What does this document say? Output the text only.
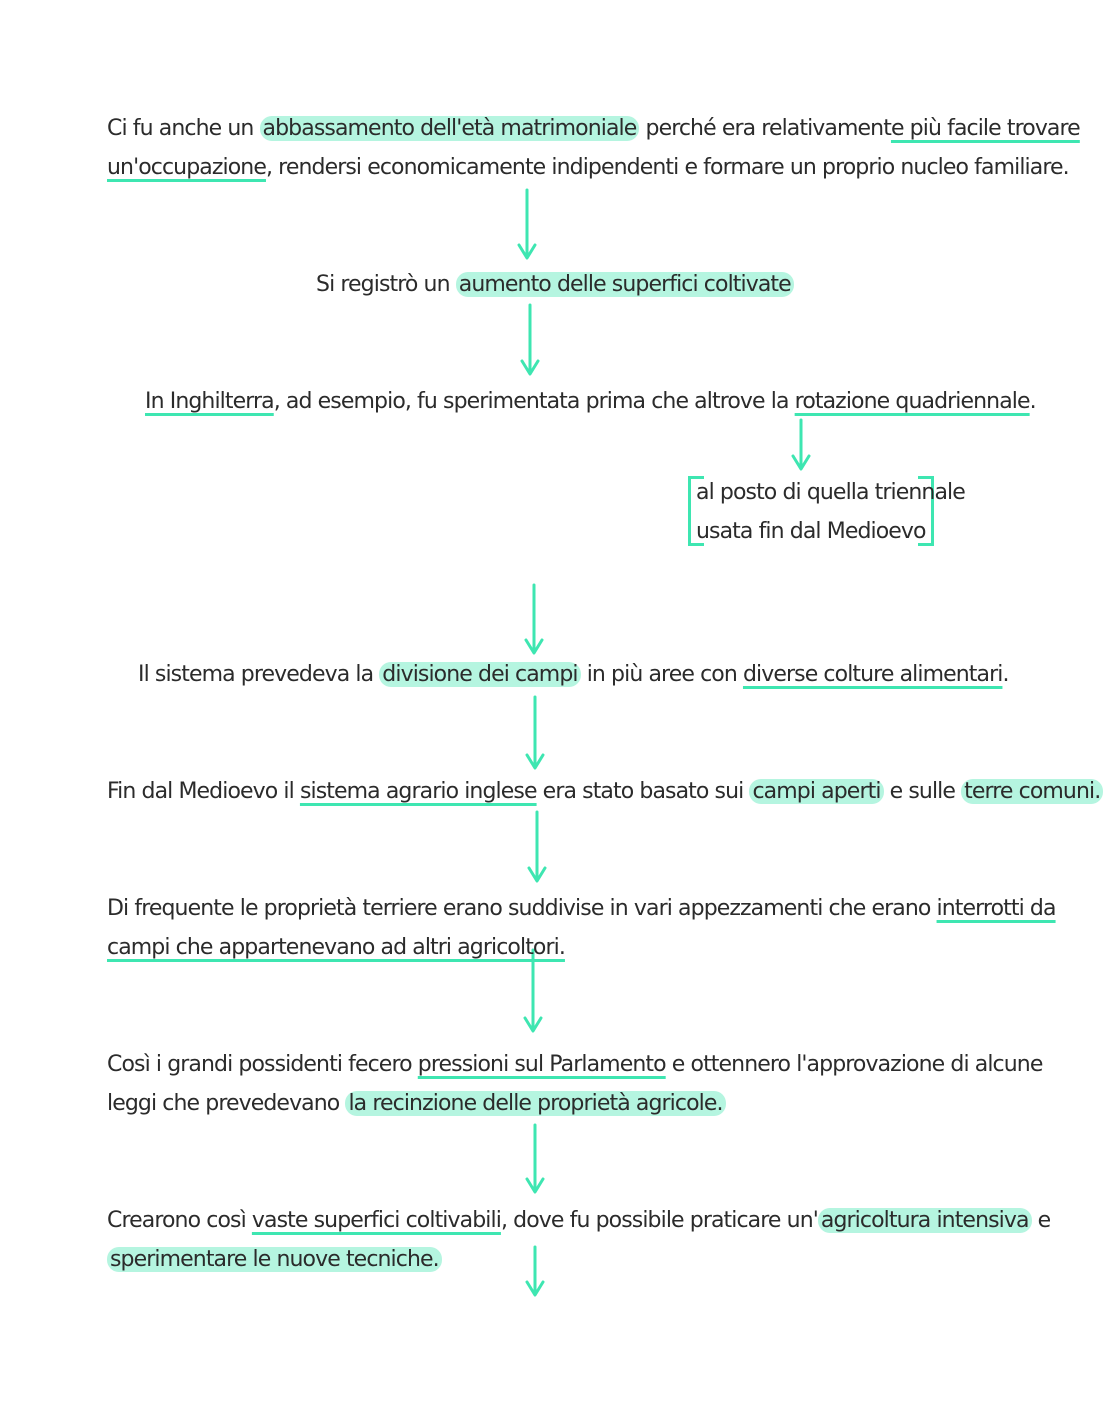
Ci fu anche un abbassamento dell'età matrimoniale perché era relativamente più facile trovare
un'occupazione, rendersi economicamente indipendenti e formare un proprio nucleo familiare.
Si registrò un aumento delle superfici coltivate
In Inghilterra, ad esempio, fu sperimentata prima che altrove la rotazione quadriennale.
al posto di quella triennale
usata fin dal Medioevo
Il sistema prevedeva la divisione dei campi in più aree con diverse colture alimentari.
Fin dal Medioevo il sistema agrario inglese era stato basato sui campi aperti e sulle terre comuni.
Di frequente le proprietà terriere erano suddivise in vari appezzamenti che erano interrotti da
campi che appartenevano ad altri agricoltori.
Così i grandi possidenti fecero pressioni sul Parlamento e ottennero l'approvazione di alcune
leggi che prevedevano la recinzione delle proprietà agricole.
Crearono così vaste superfici coltivabili, dove fu possibile praticare un' agricoltura intensiva e
sperimentare le nuove tecniche.
